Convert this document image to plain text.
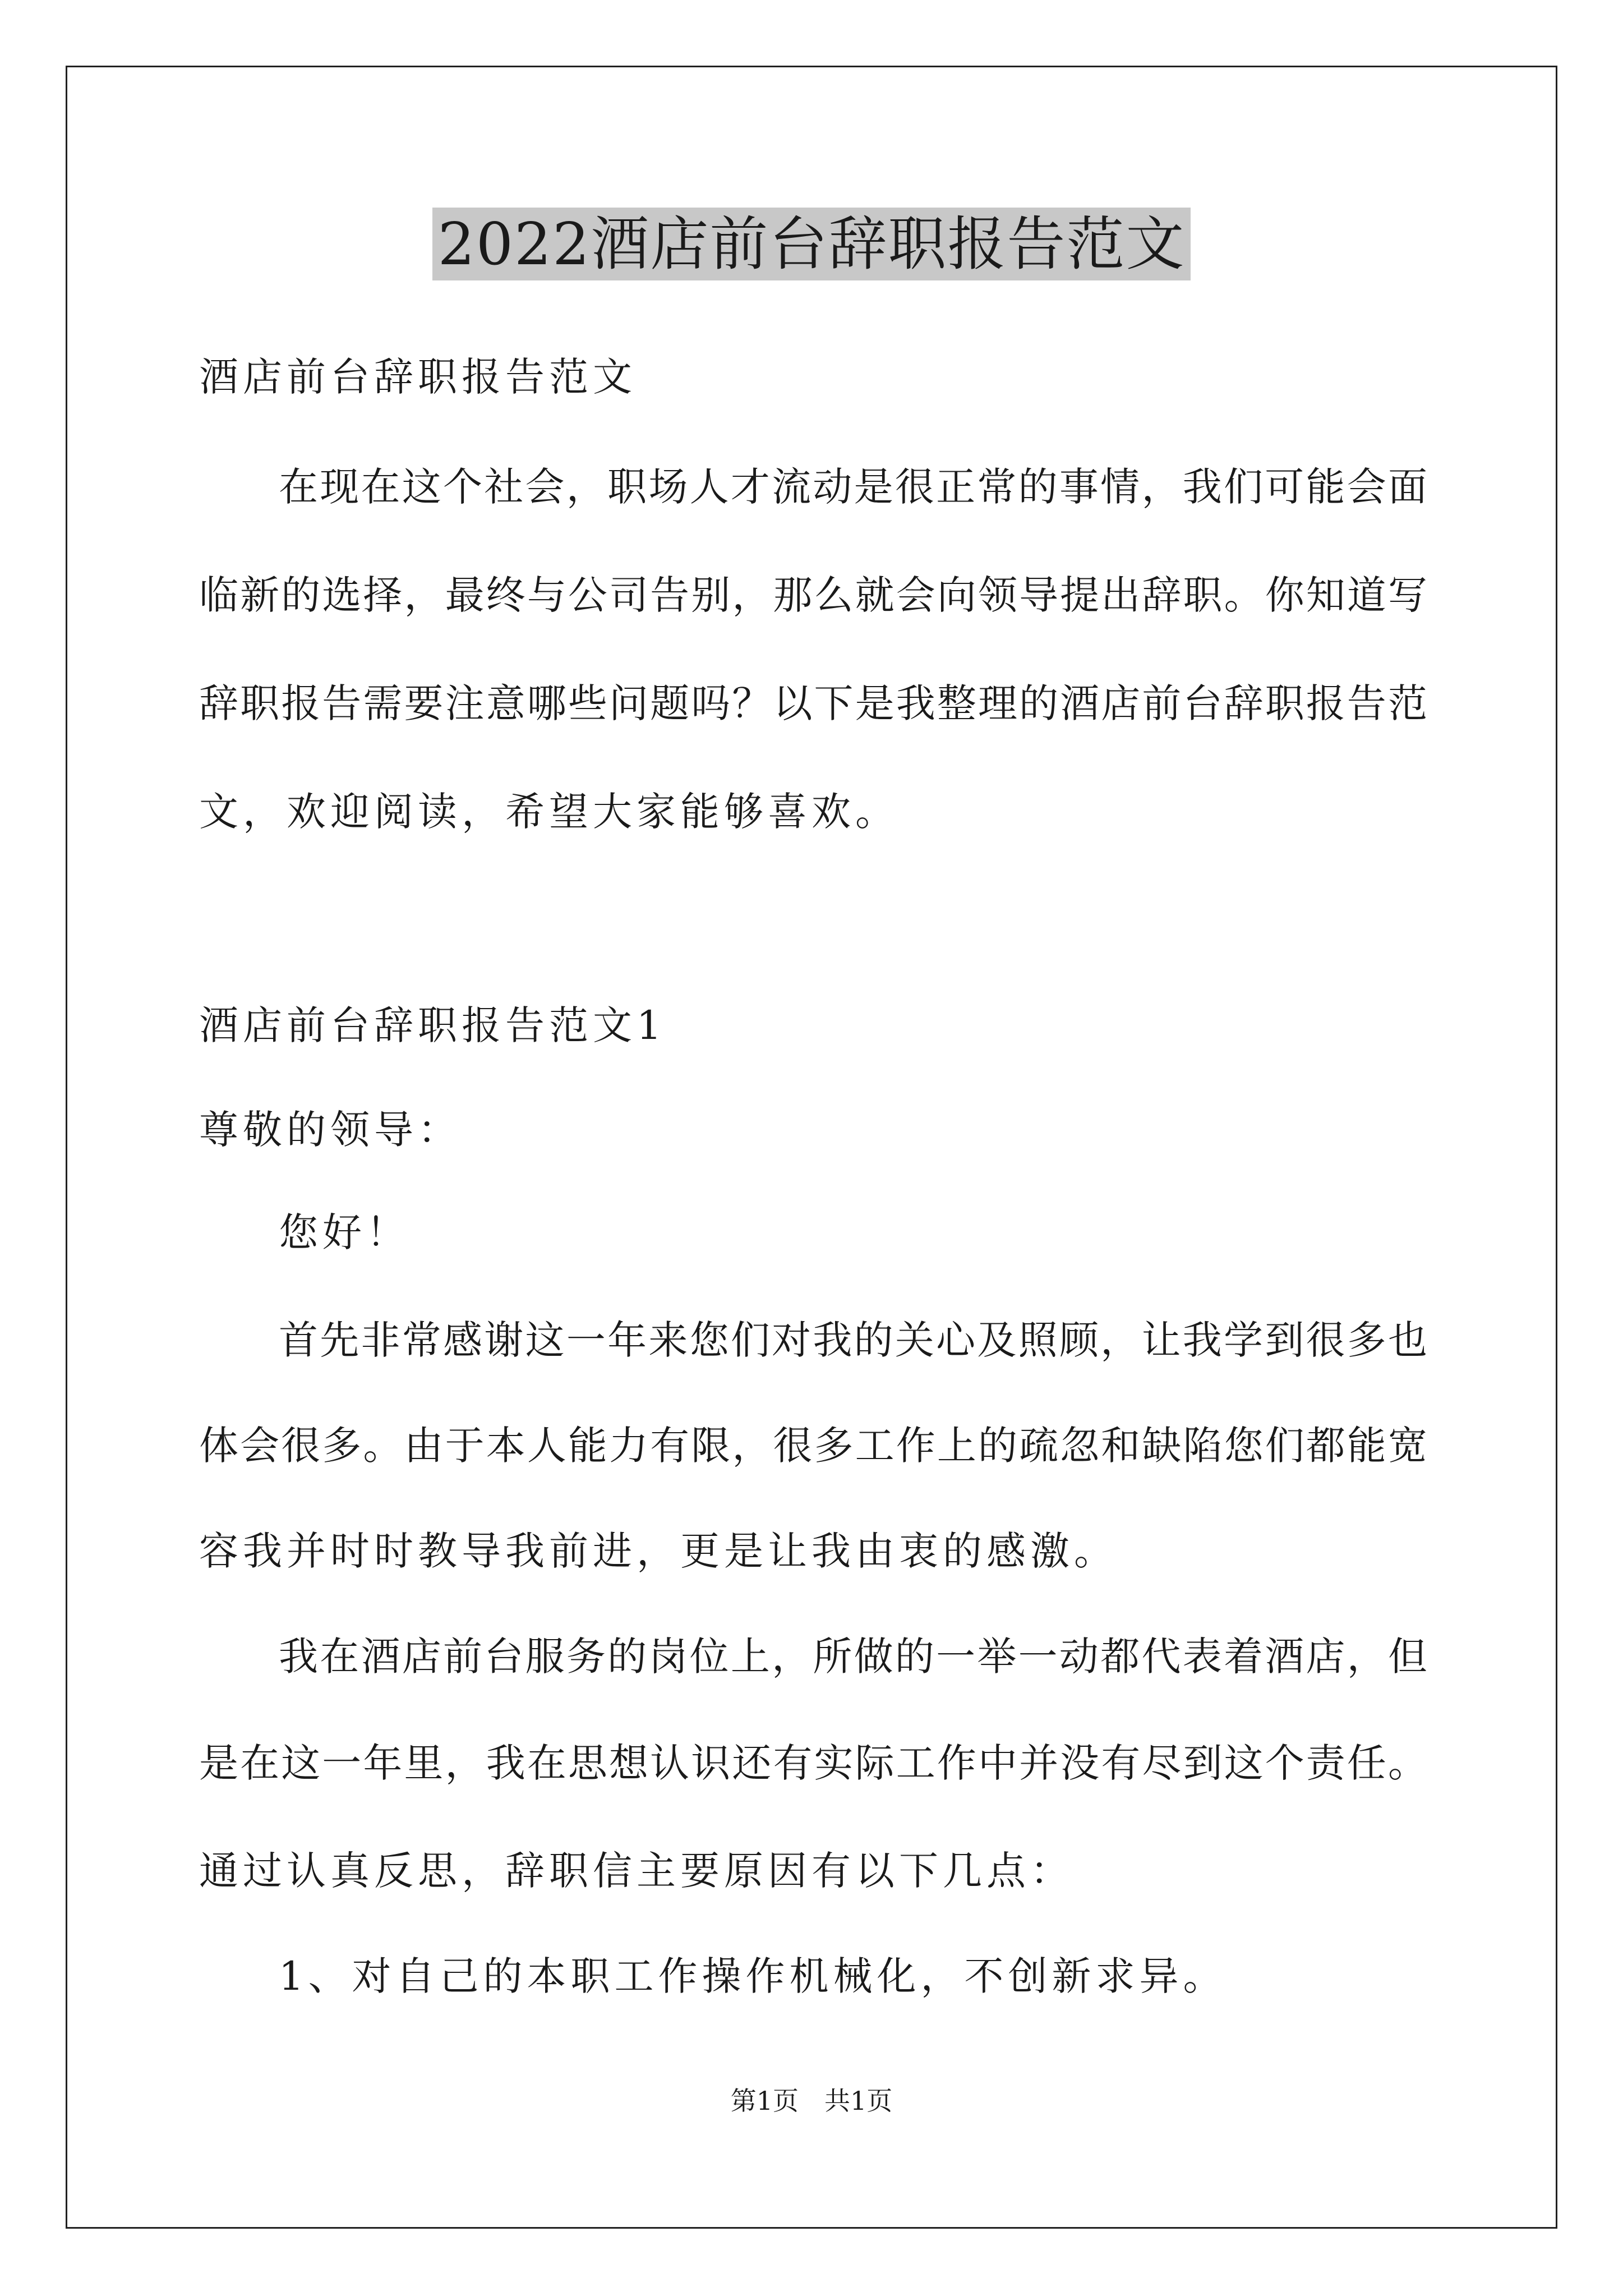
2022酒店前台辞职报告范文
酒店前台辞职报告范文
在现在这个社会，职场人才流动是很正常的事情，我们可能会面
临新的选择，最终与公司告别，那么就会向领导提出辞职。你知道写
辞职报告需要注意哪些问题吗？以下是我整理的酒店前台辞职报告范
文，欢迎阅读，希望大家能够喜欢。
酒店前台辞职报告范文1
尊敬的领导：
您好！
首先非常感谢这一年来您们对我的关心及照顾，让我学到很多也
体会很多。由于本人能力有限，很多工作上的疏忽和缺陷您们都能宽
容我并时时教导我前进，更是让我由衷的感激。
我在酒店前台服务的岗位上，所做的一举一动都代表着酒店，但
是在这一年里，我在思想认识还有实际工作中并没有尽到这个责任。
通过认真反思，辞职信主要原因有以下几点：
1、对自己的本职工作操作机械化，不创新求异。
第1页　共1页
